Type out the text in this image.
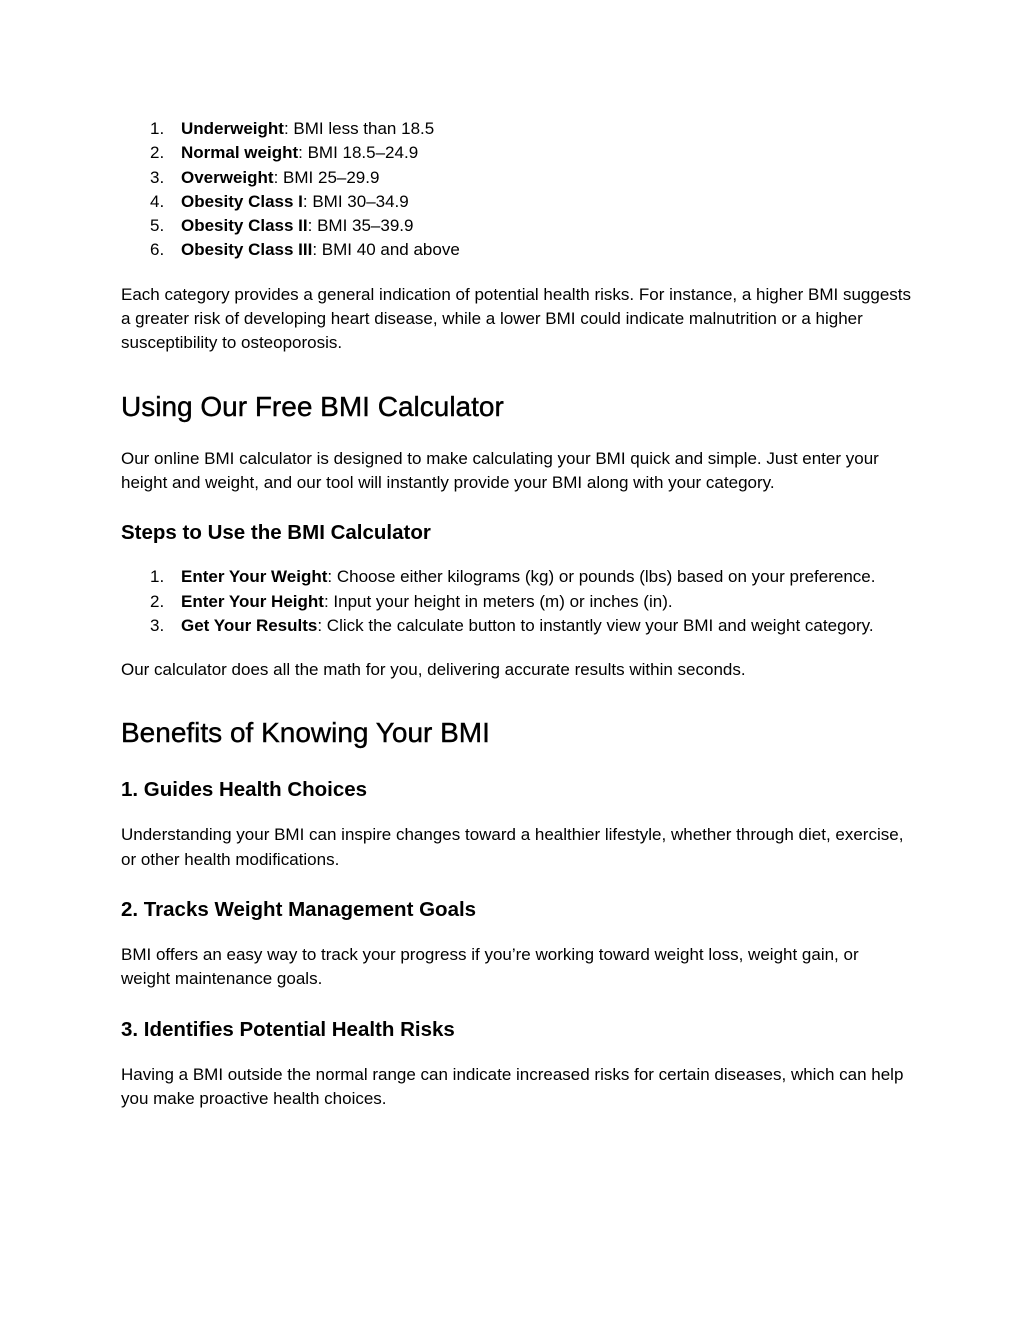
1. Underweight: BMI less than 18.5
2. Normal weight: BMI 18.5–24.9
3. Overweight: BMI 25–29.9
4. Obesity Class I: BMI 30–34.9
5. Obesity Class II: BMI 35–39.9
6. Obesity Class III: BMI 40 and above

Each category provides a general indication of potential health risks. For instance, a higher BMI suggests a greater risk of developing heart disease, while a lower BMI could indicate malnutrition or a higher susceptibility to osteoporosis.

Using Our Free BMI Calculator

Our online BMI calculator is designed to make calculating your BMI quick and simple. Just enter your height and weight, and our tool will instantly provide your BMI along with your category.

Steps to Use the BMI Calculator
1. Enter Your Weight: Choose either kilograms (kg) or pounds (lbs) based on your preference.
2. Enter Your Height: Input your height in meters (m) or inches (in).
3. Get Your Results: Click the calculate button to instantly view your BMI and weight category.

Our calculator does all the math for you, delivering accurate results within seconds.

Benefits of Knowing Your BMI
1. Guides Health Choices

Understanding your BMI can inspire changes toward a healthier lifestyle, whether through diet, exercise, or other health modifications.

2. Tracks Weight Management Goals

BMI offers an easy way to track your progress if you’re working toward weight loss, weight gain, or weight maintenance goals.

3. Identifies Potential Health Risks

Having a BMI outside the normal range can indicate increased risks for certain diseases, which can help you make proactive health choices.
